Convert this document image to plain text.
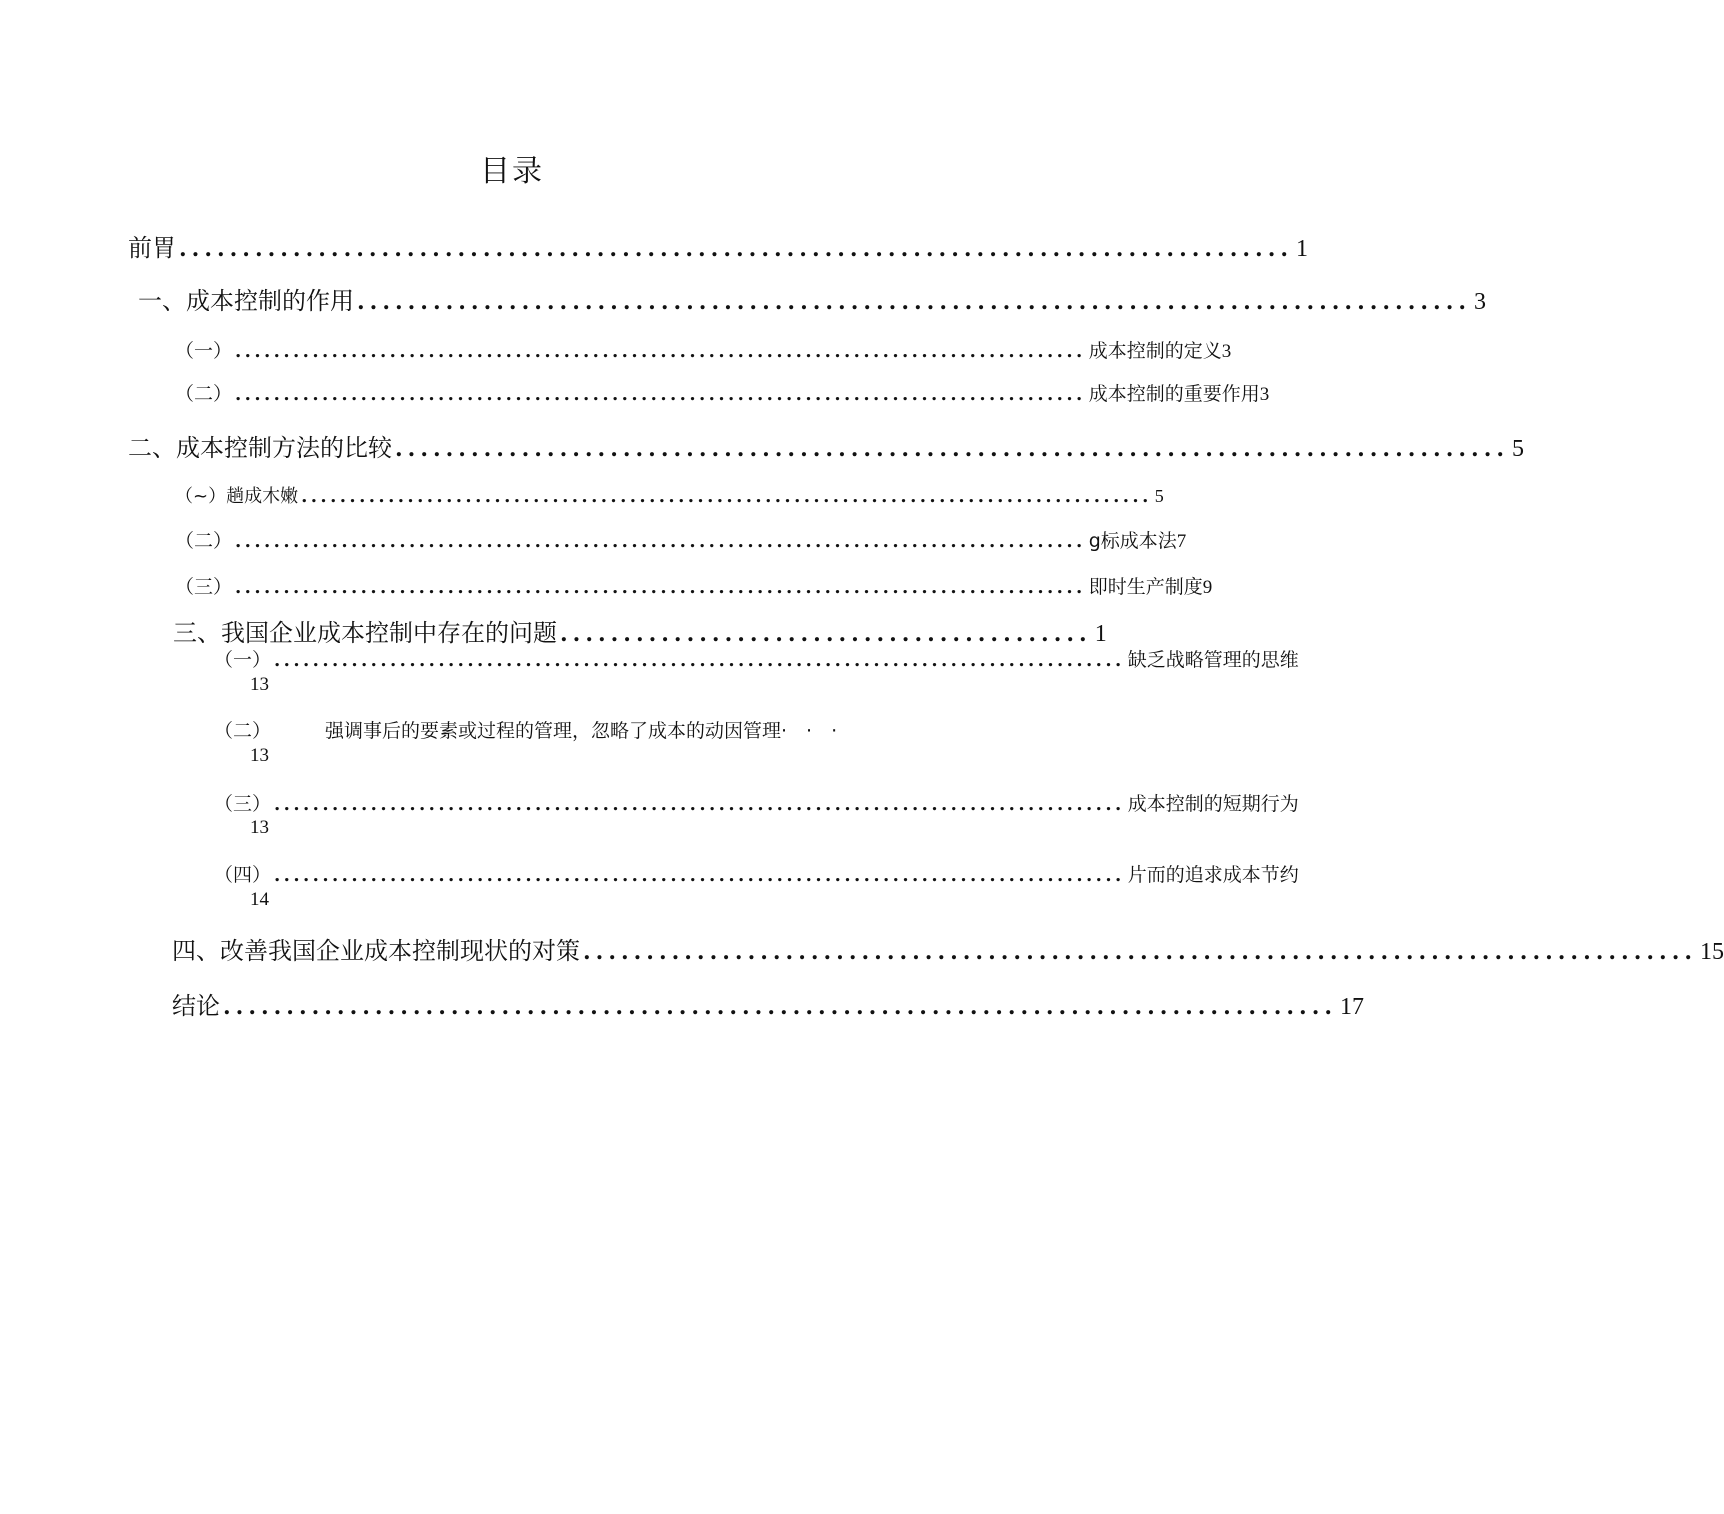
目录
前胃 ........................................................................................ 1
一、成本控制的作用 ........................................................................................ 3
（一） ........................................................................................ 成本控制的定义 3
（二） ........................................................................................ 成本控制的重要作用 3
二、成本控制方法的比较 ........................................................................................ 5
（~）趟成木嫩 ........................................................................................ 5
（二） ........................................................................................ g标成本法 7
（三） ........................................................................................ 即时生产制度 9
三、我国企业成本控制中存在的问题 .......................................... 1
（一） ........................................................................................ 缺乏战略管理的思维
13
（二）	强调事后的要素或过程的管理，忽略了成本的动因管理·　·　·
13
（三） ........................................................................................ 成本控制的短期行为
13
（四） ........................................................................................ 片而的追求成本节约
14
四、改善我国企业成本控制现状的对策 ........................................................................................ 15
结论 ........................................................................................ 17
